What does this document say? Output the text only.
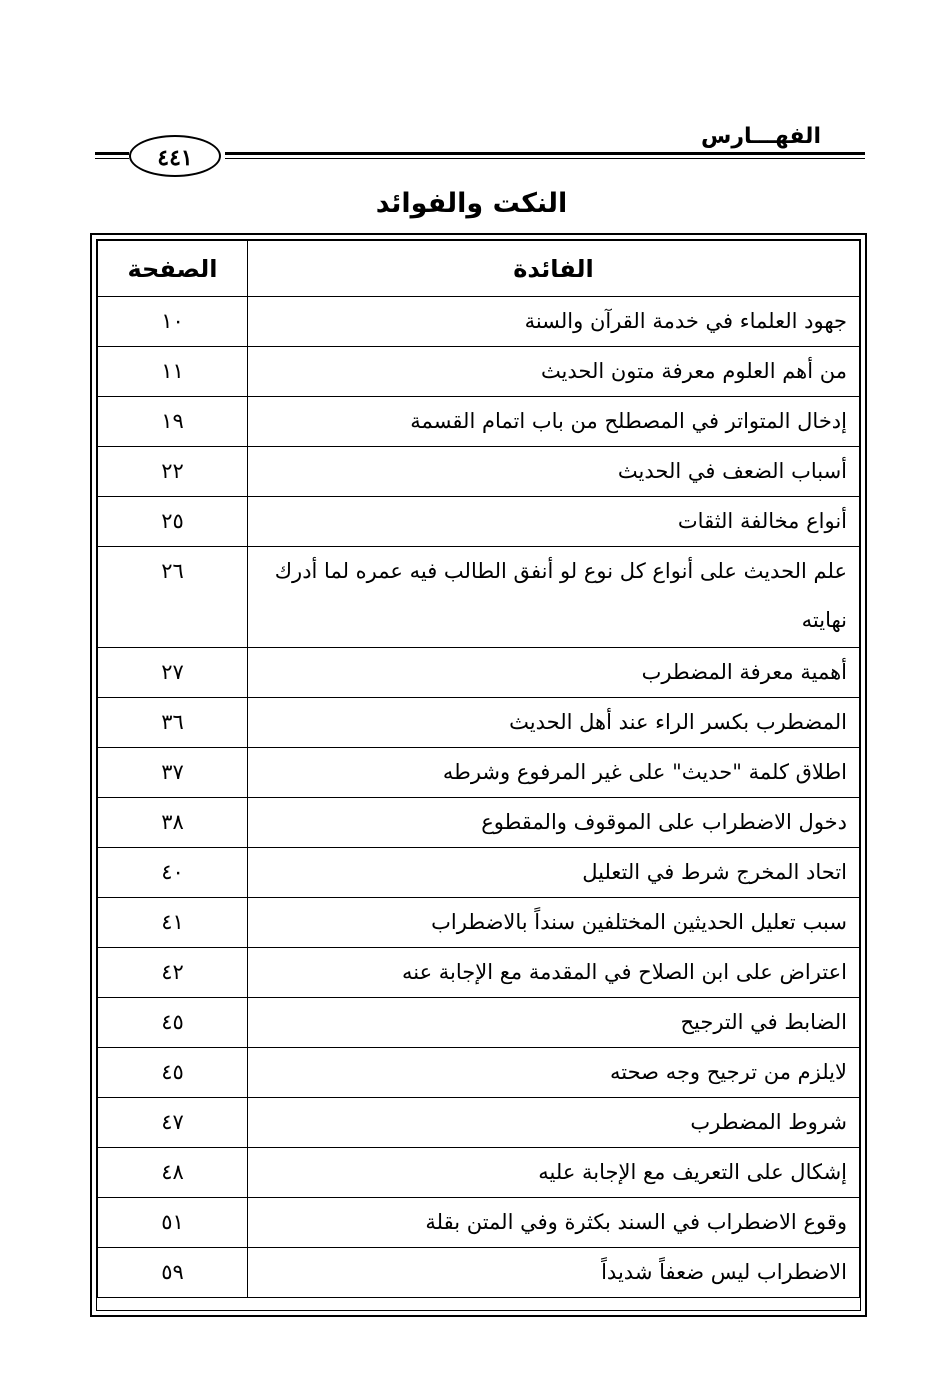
الفهـــارس
٤٤١
النكت والفوائد
الفائدة	الصفحة
جهود العلماء في خدمة القرآن والسنة	١٠
من أهم العلوم معرفة متون الحديث	١١
إدخال المتواتر في المصطلح من باب اتمام القسمة	١٩
أسباب الضعف في الحديث	٢٢
أنواع مخالفة الثقات	٢٥
علم الحديث على أنواع كل نوع لو أنفق الطالب فيه عمره لما أدرك نهايته	٢٦
أهمية معرفة المضطرب	٢٧
المضطرب بكسر الراء عند أهل الحديث	٣٦
اطلاق كلمة "حديث" على غير المرفوع وشرطه	٣٧
دخول الاضطراب على الموقوف والمقطوع	٣٨
اتحاد المخرج شرط في التعليل	٤٠
سبب تعليل الحديثين المختلفين سنداً بالاضطراب	٤١
اعتراض على ابن الصلاح في المقدمة مع الإجابة عنه	٤٢
الضابط في الترجيح	٤٥
لايلزم من ترجيح وجه صحته	٤٥
شروط المضطرب	٤٧
إشكال على التعريف مع الإجابة عليه	٤٨
وقوع الاضطراب في السند بكثرة وفي المتن بقلة	٥١
الاضطراب ليس ضعفاً شديداً	٥٩
